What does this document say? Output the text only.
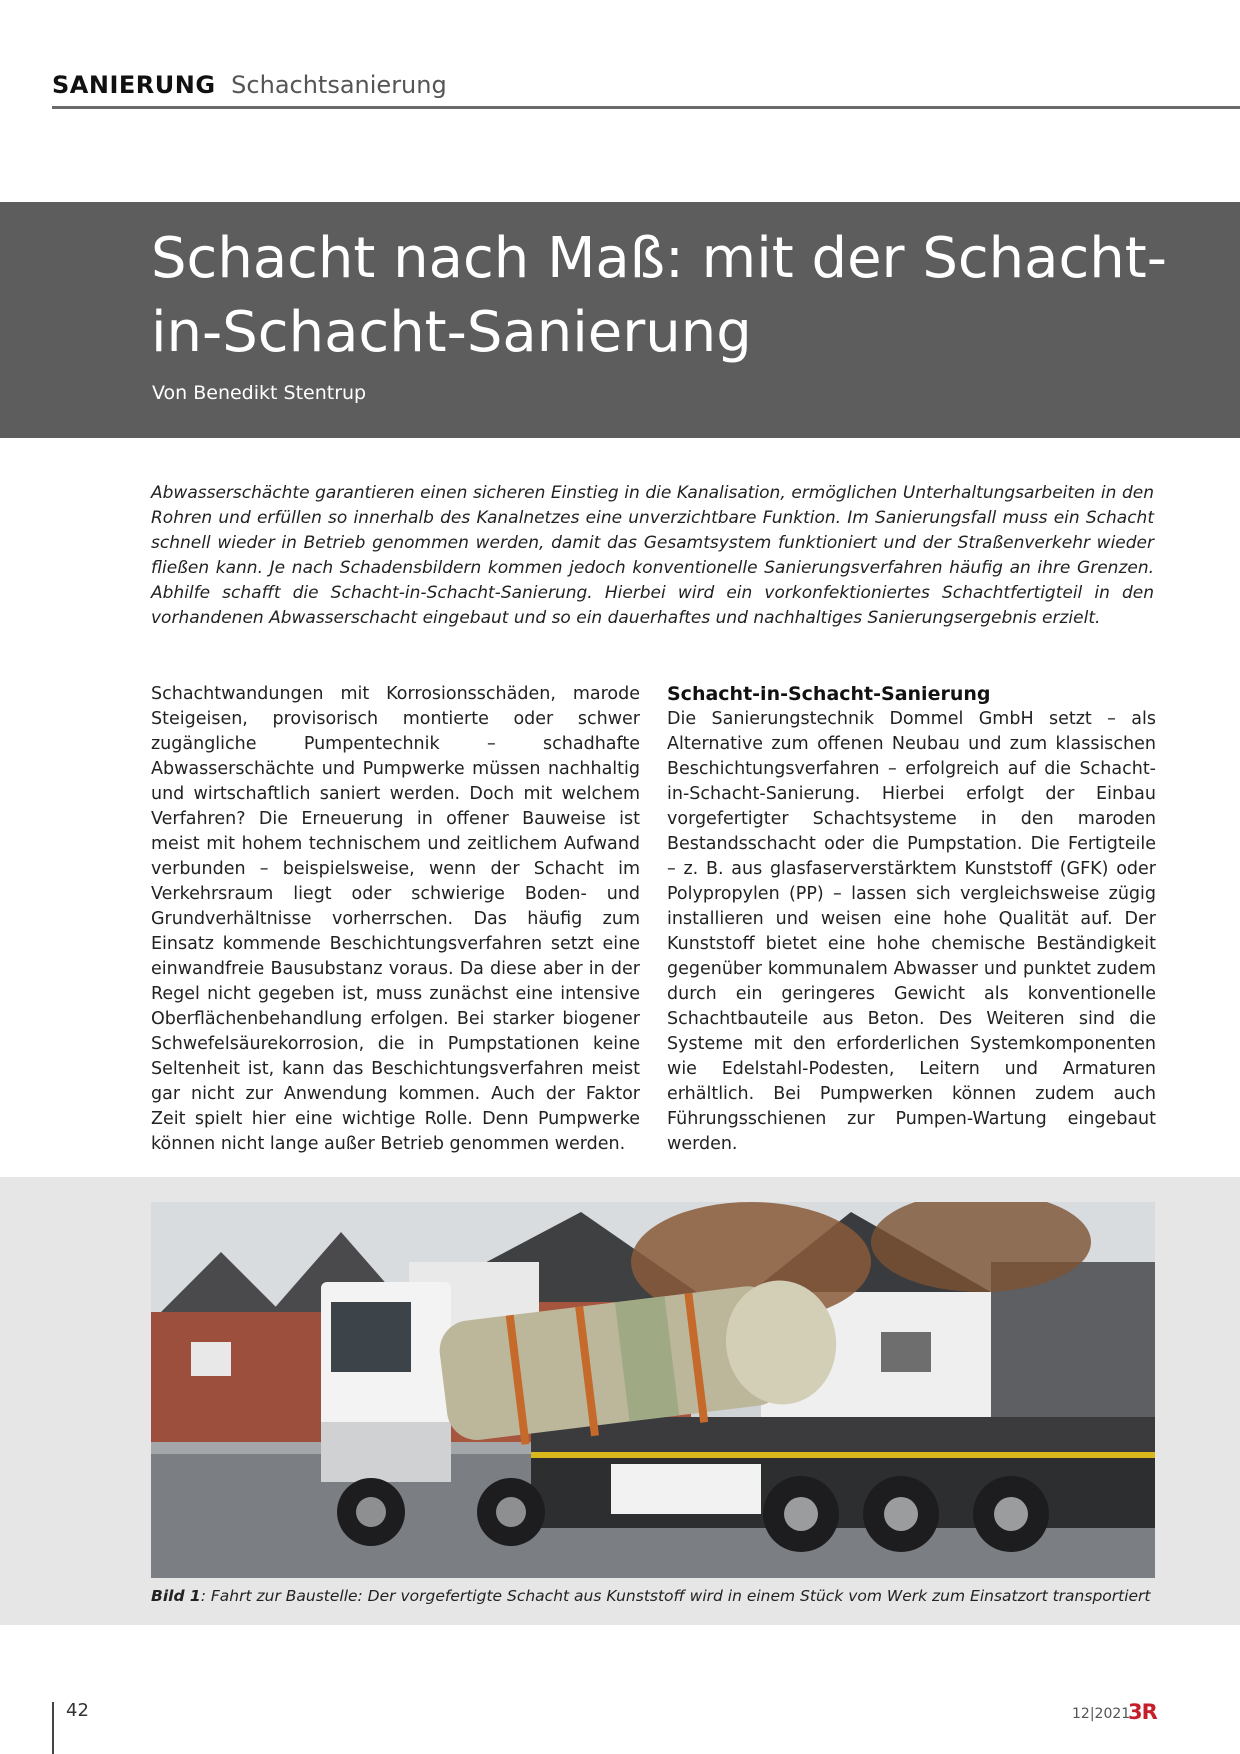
SANIERUNG Schachtsanierung
Schacht nach Maß: mit der Schacht-in-Schacht-Sanierung
Von Benedikt Stentrup

Abwasserschächte garantieren einen sicheren Einstieg in die Kanalisation, ermöglichen Unterhaltungsarbeiten in den Rohren und erfüllen so innerhalb des Kanalnetzes eine unverzichtbare Funktion. Im Sanierungsfall muss ein Schacht schnell wieder in Betrieb genommen werden, damit das Gesamtsystem funktioniert und der Straßenverkehr wieder fließen kann. Je nach Schadensbildern kommen jedoch konventionelle Sanierungsverfahren häufig an ihre Grenzen. Abhilfe schafft die Schacht-in-Schacht-Sanierung. Hierbei wird ein vorkonfektioniertes Schachtfertigteil in den vorhandenen Abwasserschacht eingebaut und so ein dauerhaftes und nachhaltiges Sanierungsergebnis erzielt.

Schachtwandungen mit Korrosionsschäden, marode Steigeisen, provisorisch montierte oder schwer zugängliche Pumpentechnik – schadhafte Abwasserschächte und Pumpwerke müssen nachhaltig und wirtschaftlich saniert werden. Doch mit welchem Verfahren? Die Erneuerung in offener Bauweise ist meist mit hohem technischem und zeitlichem Aufwand verbunden – beispielsweise, wenn der Schacht im Verkehrsraum liegt oder schwierige Boden- und Grundverhältnisse vorherrschen. Das häufig zum Einsatz kommende Beschichtungsverfahren setzt eine einwandfreie Bausubstanz voraus. Da diese aber in der Regel nicht gegeben ist, muss zunächst eine intensive Oberflächenbehandlung erfolgen. Bei starker biogener Schwefelsäurekorrosion, die in Pumpstationen keine Seltenheit ist, kann das Beschichtungsverfahren meist gar nicht zur Anwendung kommen. Auch der Faktor Zeit spielt hier eine wichtige Rolle. Denn Pumpwerke können nicht lange außer Betrieb genommen werden.

Schacht-in-Schacht-Sanierung

Die Sanierungstechnik Dommel GmbH setzt – als Alternative zum offenen Neubau und zum klassischen Beschichtungsverfahren – erfolgreich auf die Schacht-in-Schacht-Sanierung. Hierbei erfolgt der Einbau vorgefertigter Schachtsysteme in den maroden Bestandsschacht oder die Pumpstation. Die Fertigteile – z. B. aus glasfaserverstärktem Kunststoff (GFK) oder Polypropylen (PP) – lassen sich vergleichsweise zügig installieren und weisen eine hohe Qualität auf. Der Kunststoff bietet eine hohe chemische Beständigkeit gegenüber kommunalem Abwasser und punktet zudem durch ein geringeres Gewicht als konventionelle Schachtbauteile aus Beton. Des Weiteren sind die Systeme mit den erforderlichen Systemkomponenten wie Edelstahl-Podesten, Leitern und Armaturen erhältlich. Bei Pumpwerken können zudem auch Führungsschienen zur Pumpen-Wartung eingebaut werden.

Bild 1: Fahrt zur Baustelle: Der vorgefertigte Schacht aus Kunststoff wird in einem Stück vom Werk zum Einsatzort transportiert

42	12|2021
3R
